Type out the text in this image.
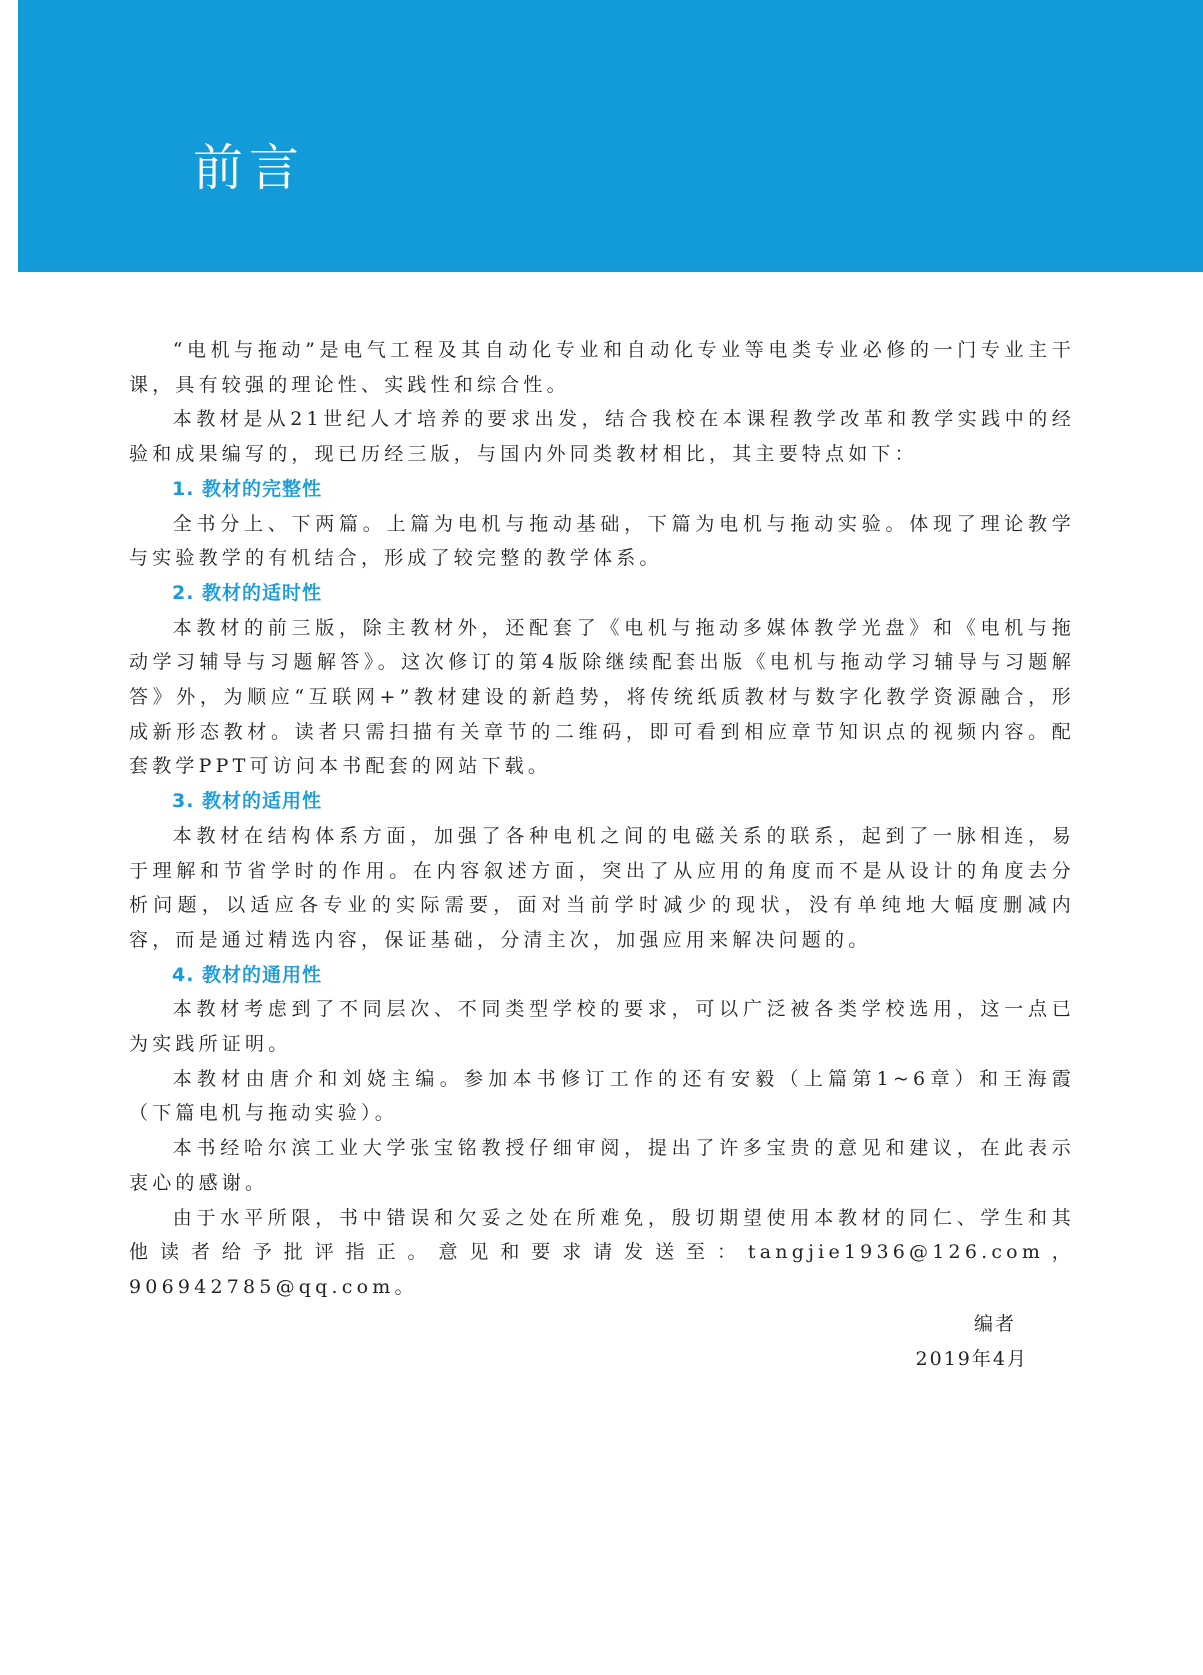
前言

“电机与拖动”是电气工程及其自动化专业和自动化专业等电类专业必修的一门专业主干课，具有较强的理论性、实践性和综合性。

本教材是从21世纪人才培养的要求出发，结合我校在本课程教学改革和教学实践中的经验和成果编写的，现已历经三版，与国内外同类教材相比，其主要特点如下：

1. 教材的完整性

全书分上、下两篇。上篇为电机与拖动基础，下篇为电机与拖动实验。体现了理论教学与实验教学的有机结合，形成了较完整的教学体系。

2. 教材的适时性

本教材的前三版，除主教材外，还配套了《电机与拖动多媒体教学光盘》和《电机与拖动学习辅导与习题解答》。这次修订的第4版除继续配套出版《电机与拖动学习辅导与习题解答》外，为顺应“互联网+”教材建设的新趋势，将传统纸质教材与数字化教学资源融合，形成新形态教材。读者只需扫描有关章节的二维码，即可看到相应章节知识点的视频内容。配套教学PPT可访问本书配套的网站下载。

3. 教材的适用性

本教材在结构体系方面，加强了各种电机之间的电磁关系的联系，起到了一脉相连，易于理解和节省学时的作用。在内容叙述方面，突出了从应用的角度而不是从设计的角度去分析问题，以适应各专业的实际需要，面对当前学时减少的现状，没有单纯地大幅度删减内容，而是通过精选内容，保证基础，分清主次，加强应用来解决问题的。

4. 教材的通用性

本教材考虑到了不同层次、不同类型学校的要求，可以广泛被各类学校选用，这一点已为实践所证明。

本教材由唐介和刘娆主编。参加本书修订工作的还有安毅（上篇第1~6章）和王海霞（下篇电机与拖动实验）。

本书经哈尔滨工业大学张宝铭教授仔细审阅，提出了许多宝贵的意见和建议，在此表示衷心的感谢。

由于水平所限，书中错误和欠妥之处在所难免，殷切期望使用本教材的同仁、学生和其他读者给予批评指正。意见和要求请发送至：tangjie1936@126.com，906942785@qq.com。

编者
2019年4月
